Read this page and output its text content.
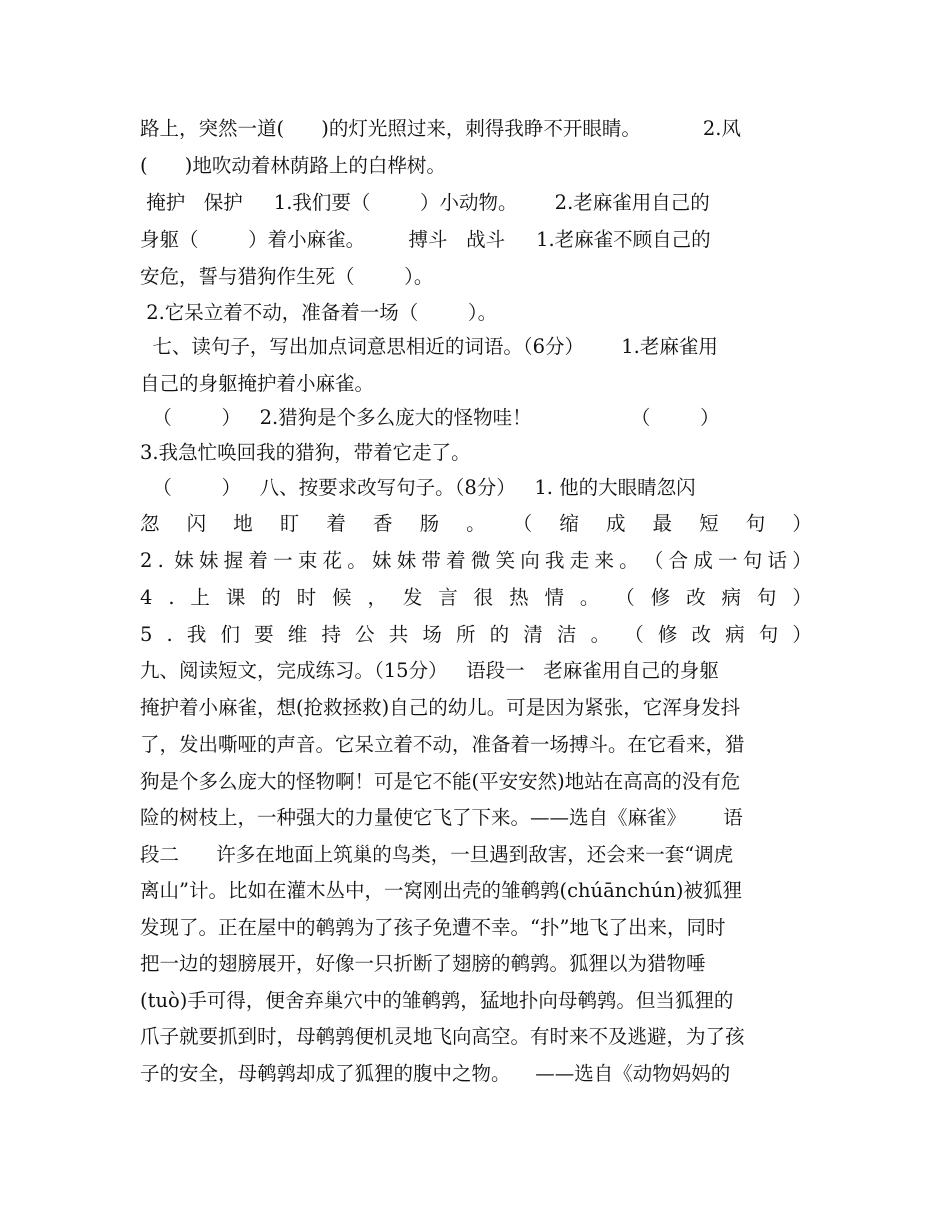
路上，突然一道(      )的灯光照过来，刺得我睁不开眼睛。          2.风
(      )地吹动着林荫路上的白桦树。
掩护   保护     1.我们要（        ）小动物。      2.老麻雀用自己的
身躯（        ）着小麻雀。       搏斗   战斗     1.老麻雀不顾自己的
安危，誓与猎狗作生死（        ）。
2.它呆立着不动，准备着一场（        ）。
七、读句子，写出加点词意思相近的词语。（6分）      1.老麻雀用
自己的身躯掩护着小麻雀。
（        ）   2.猎狗是个多么庞大的怪物哇！                （        ）
3.我急忙唤回我的猎狗，带着它走了。
（        ）   八、按要求改写句子。（8分）   1. 他的大眼睛忽闪
忽 闪 地 盯 着 香 肠 。 （ 缩 成 最 短 句 ）
2 . 妹 妹 握 着 一 束 花 。 妹 妹 带 着 微 笑 向 我 走 来 。 （ 合 成 一 句 话 ）
4 . 上 课 的 时 候 ， 发 言 很 热 情 。 （ 修 改 病 句 ）
5 . 我 们 要 维 持 公 共 场 所 的 清 洁 。 （ 修 改 病 句 ）
九、阅读短文，完成练习。（15分）   语段一   老麻雀用自己的身躯
掩护着小麻雀，想(抢救拯救)自己的幼儿。可是因为紧张，它浑身发抖
了，发出嘶哑的声音。它呆立着不动，准备着一场搏斗。在它看来，猎
狗是个多么庞大的怪物啊！可是它不能(平安安然)地站在高高的没有危
险的树枝上，一种强大的力量使它飞了下来。——选自《麻雀》      语
段二      许多在地面上筑巢的鸟类，一旦遇到敌害，还会来一套“调虎
离山”计。比如在灌木丛中，一窝刚出壳的雏鹌鹑(chúānchún)被狐狸
发现了。正在屋中的鹌鹑为了孩子免遭不幸。“扑”地飞了出来，同时
把一边的翅膀展开，好像一只折断了翅膀的鹌鹑。狐狸以为猎物唾
(tuò)手可得，便舍弃巢穴中的雏鹌鹑，猛地扑向母鹌鹑。但当狐狸的
爪子就要抓到时，母鹌鹑便机灵地飞向高空。有时来不及逃避，为了孩
子的安全，母鹌鹑却成了狐狸的腹中之物。    ——选自《动物妈妈的
